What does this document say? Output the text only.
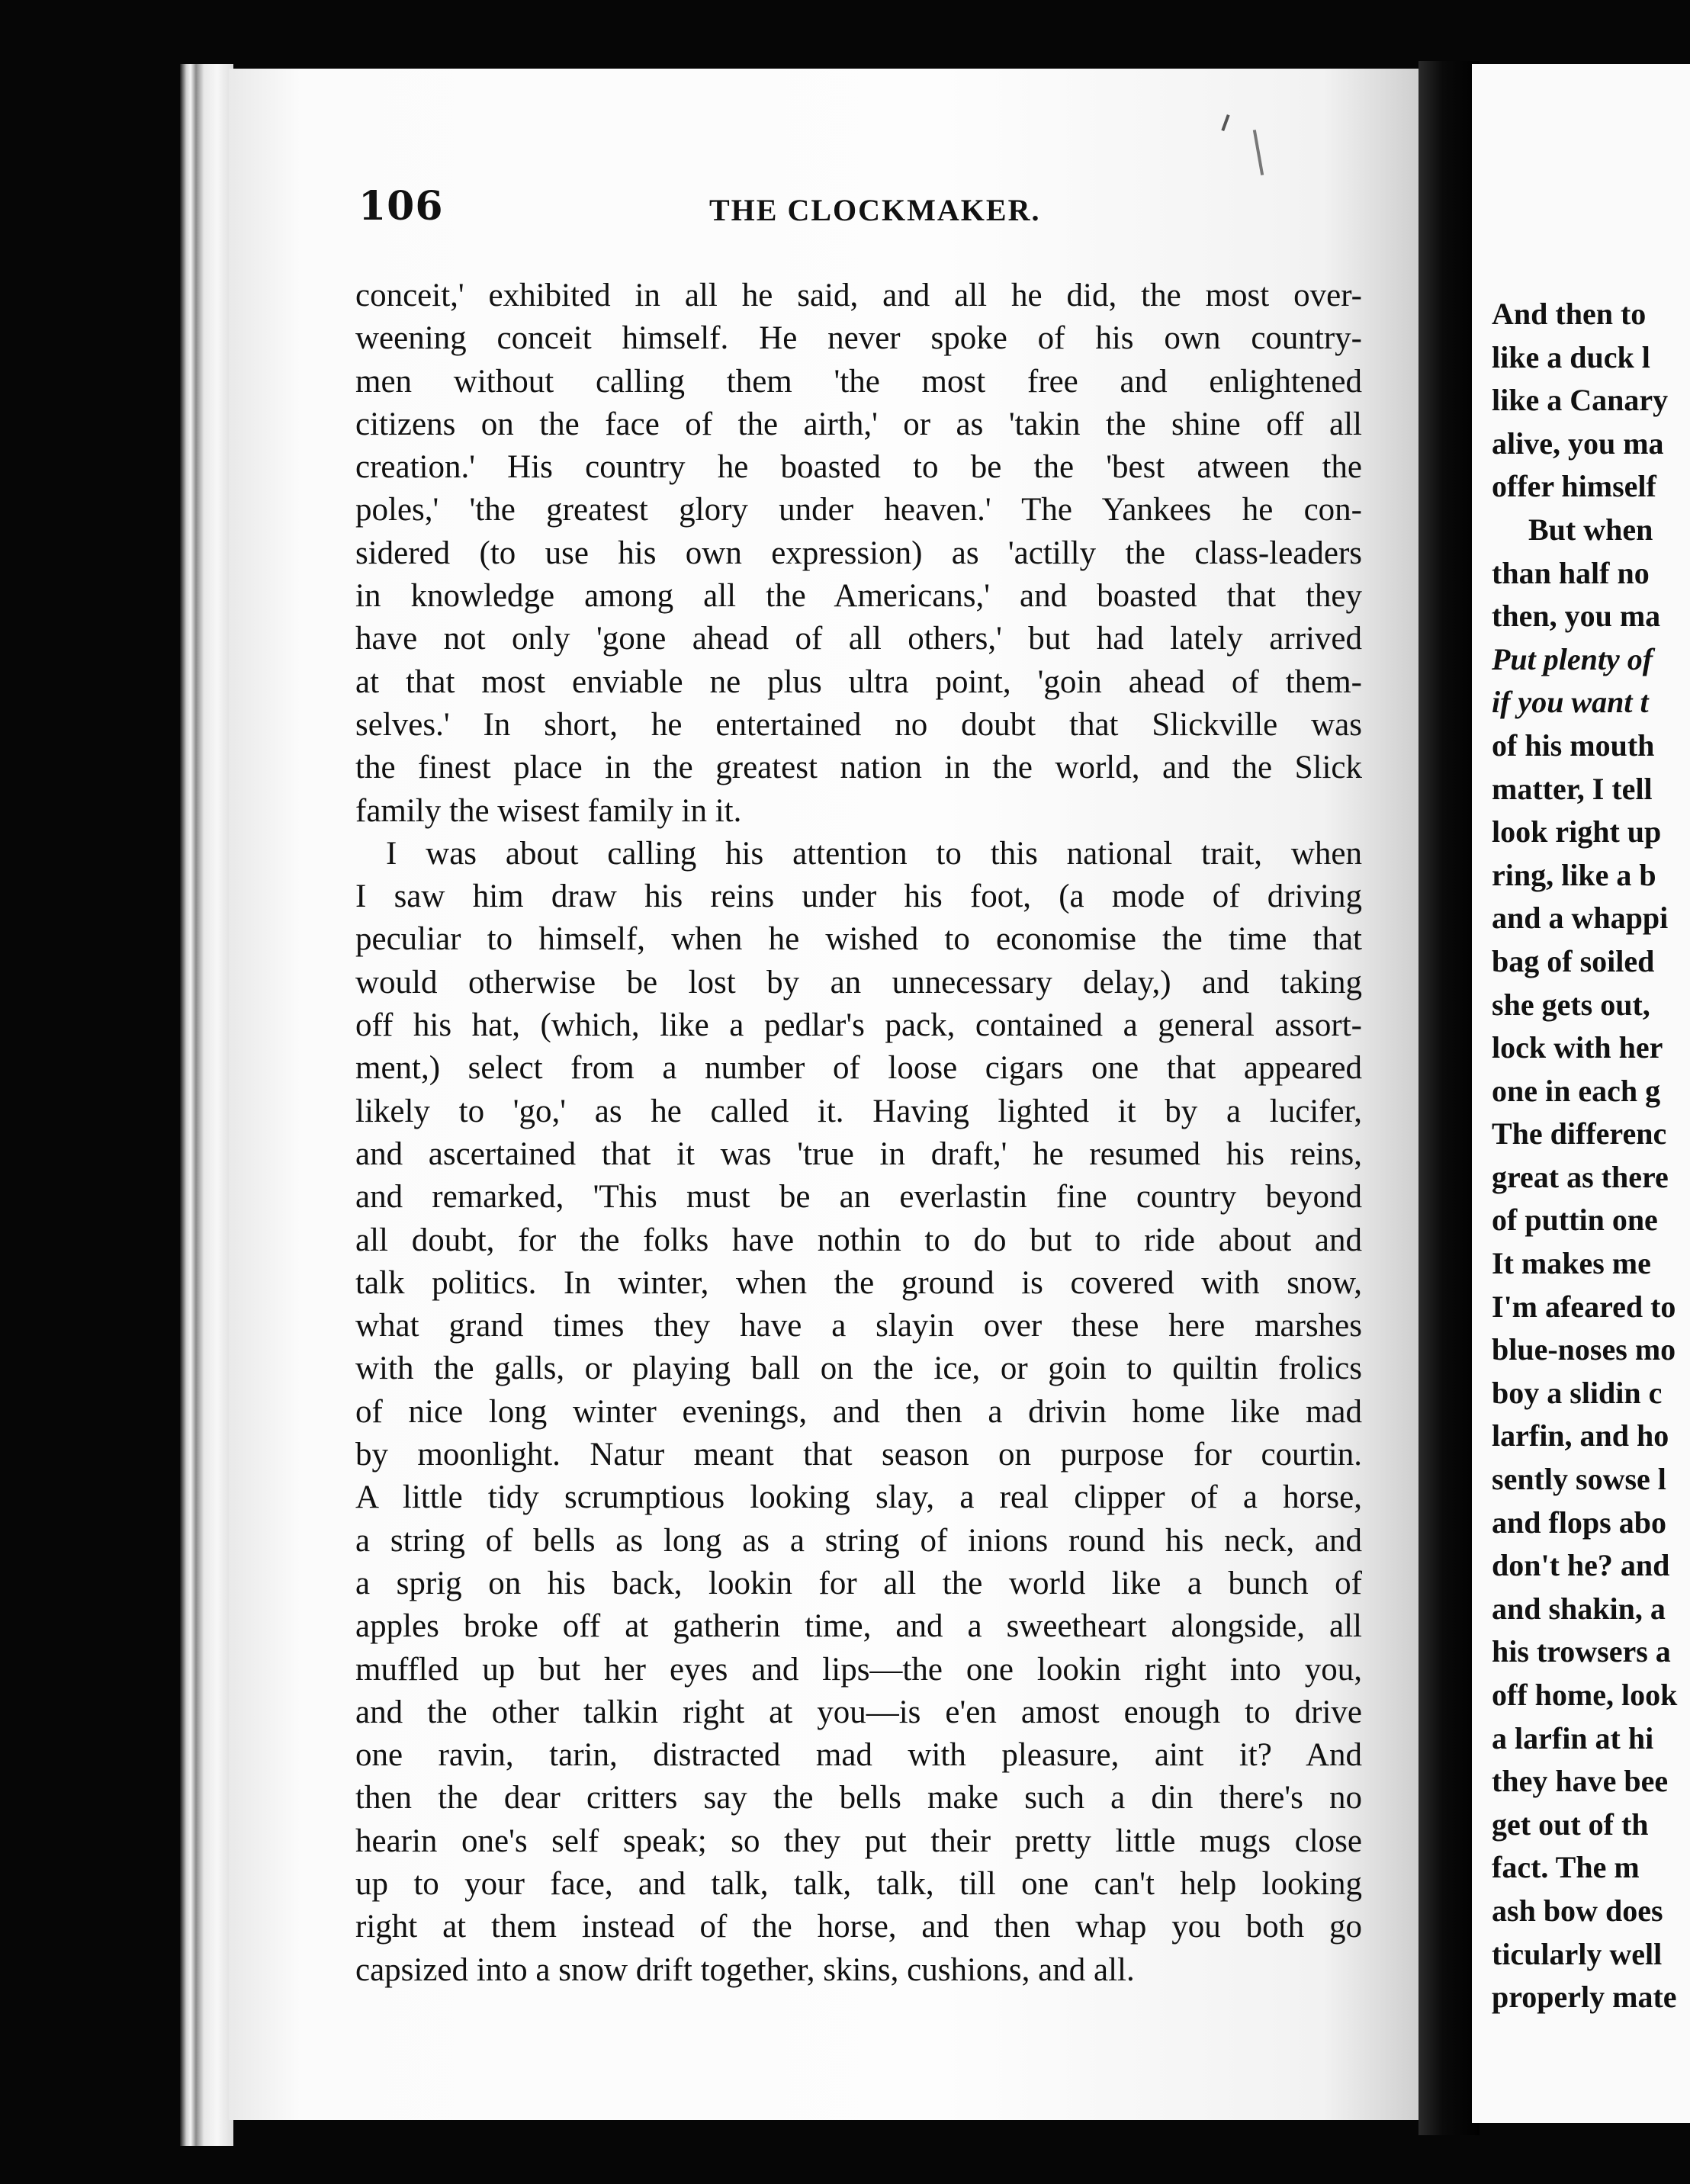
106	THE CLOCKMAKER.
conceit,' exhibited in all he said, and all he did, the most over-
weening conceit himself. He never spoke of his own country-
men without calling them 'the most free and enlightened
citizens on the face of the airth,' or as 'takin the shine off all
creation.' His country he boasted to be the 'best atween the
poles,' 'the greatest glory under heaven.' The Yankees he con-
sidered (to use his own expression) as 'actilly the class-leaders
in knowledge among all the Americans,' and boasted that they
have not only 'gone ahead of all others,' but had lately arrived
at that most enviable ne plus ultra point, 'goin ahead of them-
selves.' In short, he entertained no doubt that Slickville was
the finest place in the greatest nation in the world, and the Slick
family the wisest family in it.
I was about calling his attention to this national trait, when
I saw him draw his reins under his foot, (a mode of driving
peculiar to himself, when he wished to economise the time that
would otherwise be lost by an unnecessary delay,) and taking
off his hat, (which, like a pedlar's pack, contained a general assort-
ment,) select from a number of loose cigars one that appeared
likely to 'go,' as he called it. Having lighted it by a lucifer,
and ascertained that it was 'true in draft,' he resumed his reins,
and remarked, 'This must be an everlastin fine country beyond
all doubt, for the folks have nothin to do but to ride about and
talk politics. In winter, when the ground is covered with snow,
what grand times they have a slayin over these here marshes
with the galls, or playing ball on the ice, or goin to quiltin frolics
of nice long winter evenings, and then a drivin home like mad
by moonlight. Natur meant that season on purpose for courtin.
A little tidy scrumptious looking slay, a real clipper of a horse,
a string of bells as long as a string of inions round his neck, and
a sprig on his back, lookin for all the world like a bunch of
apples broke off at gatherin time, and a sweetheart alongside, all
muffled up but her eyes and lips—the one lookin right into you,
and the other talkin right at you—is e'en amost enough to drive
one ravin, tarin, distracted mad with pleasure, aint it? And
then the dear critters say the bells make such a din there's no
hearin one's self speak; so they put their pretty little mugs close
up to your face, and talk, talk, talk, till one can't help looking
right at them instead of the horse, and then whap you both go
capsized into a snow drift together, skins, cushions, and all.
And then to
like a duck l
like a Canary
alive, you ma
offer himself
But when
than half no
then, you ma
Put plenty of
if you want t
of his mouth
matter, I tell
look right up
ring, like a b
and a whappi
bag of soiled
she gets out,
lock with her
one in each g
The differenc
great as there
of puttin one
It makes me
I'm afeared to
blue-noses mo
boy a slidin c
larfin, and ho
sently sowse l
and flops abo
don't he? and
and shakin, a
his trowsers a
off home, look
a larfin at hi
they have bee
get out of th
fact. The m
ash bow does
ticularly well
properly mate
